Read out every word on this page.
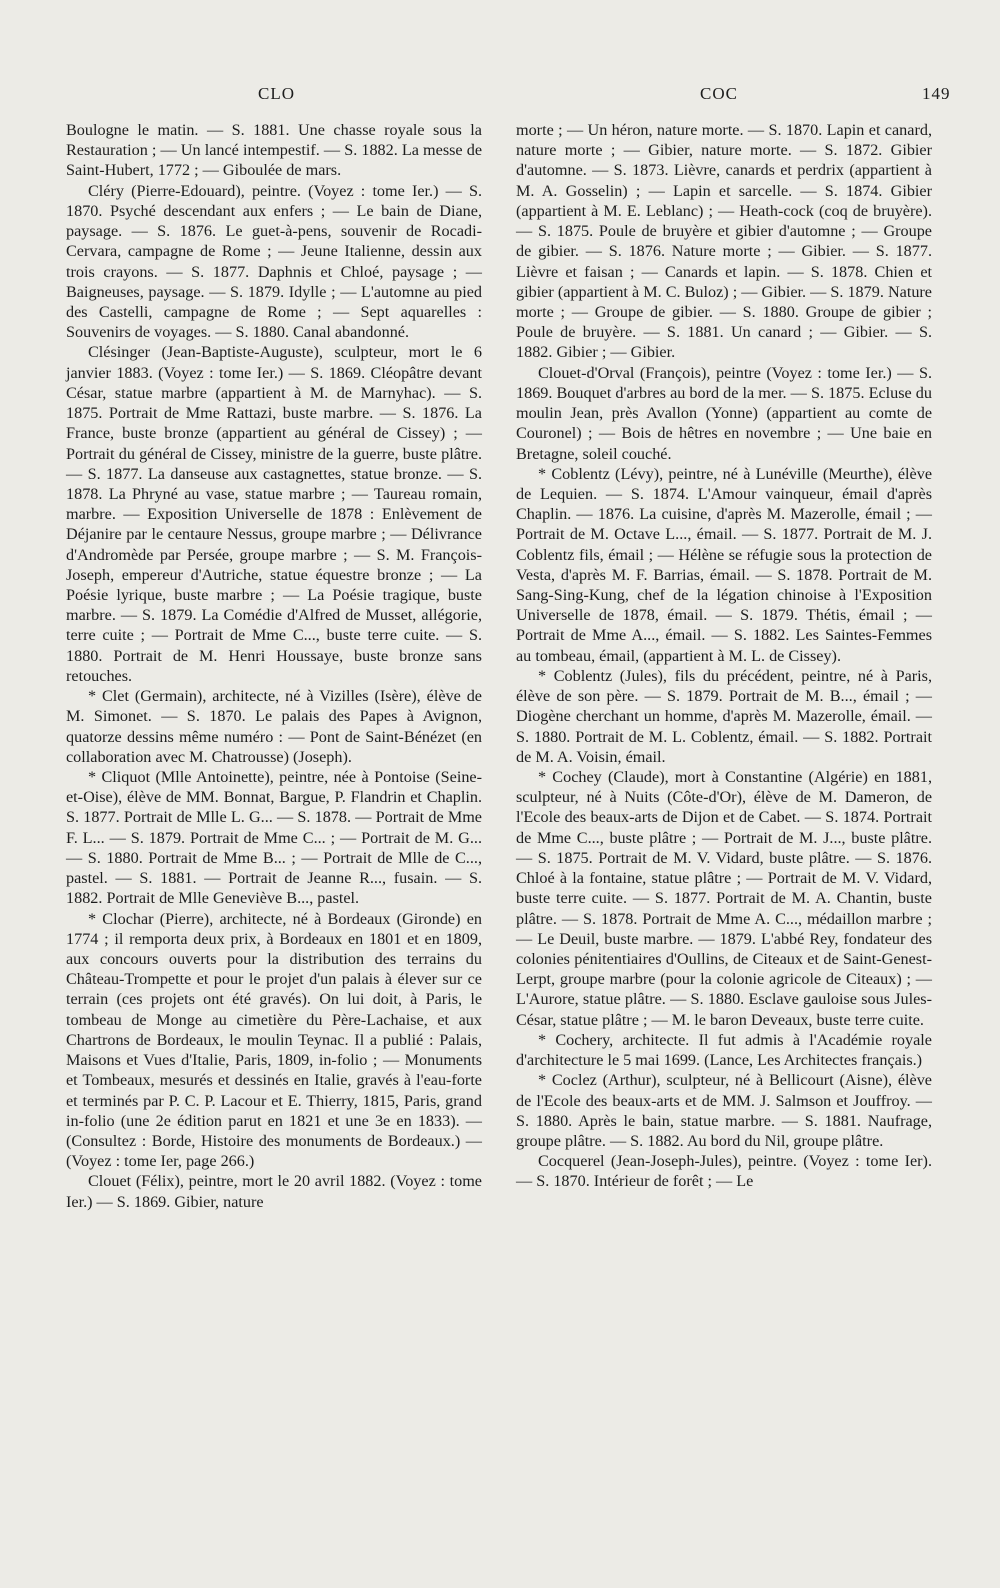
CLO	COC	149

Boulogne le matin. — S. 1881. Une chasse royale sous la Restauration ; — Un lancé intempestif. — S. 1882. La messe de Saint-Hubert, 1772 ; — Giboulée de mars.

Cléry (Pierre-Edouard), peintre. (Voyez : tome Ier.) — S. 1870. Psyché descendant aux enfers ; — Le bain de Diane, paysage. — S. 1876. Le guet-à-pens, souvenir de Rocadi-Cervara, campagne de Rome ; — Jeune Italienne, dessin aux trois crayons. — S. 1877. Daphnis et Chloé, paysage ; — Baigneuses, paysage. — S. 1879. Idylle ; — L'automne au pied des Castelli, campagne de Rome ; — Sept aquarelles : Souvenirs de voyages. — S. 1880. Canal abandonné.

Clésinger (Jean-Baptiste-Auguste), sculpteur, mort le 6 janvier 1883. (Voyez : tome Ier.) — S. 1869. Cléopâtre devant César, statue marbre (appartient à M. de Marnyhac). — S. 1875. Portrait de Mme Rattazi, buste marbre. — S. 1876. La France, buste bronze (appartient au général de Cissey) ; — Portrait du général de Cissey, ministre de la guerre, buste plâtre. — S. 1877. La danseuse aux castagnettes, statue bronze. — S. 1878. La Phryné au vase, statue marbre ; — Taureau romain, marbre. — Exposition Universelle de 1878 : Enlèvement de Déjanire par le centaure Nessus, groupe marbre ; — Délivrance d'Andromède par Persée, groupe marbre ; — S. M. François-Joseph, empereur d'Autriche, statue équestre bronze ; — La Poésie lyrique, buste marbre ; — La Poésie tragique, buste marbre. — S. 1879. La Comédie d'Alfred de Musset, allégorie, terre cuite ; — Portrait de Mme C..., buste terre cuite. — S. 1880. Portrait de M. Henri Houssaye, buste bronze sans retouches.

* Clet (Germain), architecte, né à Vizilles (Isère), élève de M. Simonet. — S. 1870. Le palais des Papes à Avignon, quatorze dessins même numéro : — Pont de Saint-Bénézet (en collaboration avec M. Chatrousse) (Joseph).

* Cliquot (Mlle Antoinette), peintre, née à Pontoise (Seine-et-Oise), élève de MM. Bonnat, Bargue, P. Flandrin et Chaplin. S. 1877. Portrait de Mlle L. G... — S. 1878. — Portrait de Mme F. L... — S. 1879. Portrait de Mme C... ; — Portrait de M. G... — S. 1880. Portrait de Mme B... ; — Portrait de Mlle de C..., pastel. — S. 1881. — Portrait de Jeanne R..., fusain. — S. 1882. Portrait de Mlle Geneviève B..., pastel.

* Clochar (Pierre), architecte, né à Bordeaux (Gironde) en 1774 ; il remporta deux prix, à Bordeaux en 1801 et en 1809, aux concours ouverts pour la distribution des terrains du Château-Trompette et pour le projet d'un palais à élever sur ce terrain (ces projets ont été gravés). On lui doit, à Paris, le tombeau de Monge au cimetière du Père-Lachaise, et aux Chartrons de Bordeaux, le moulin Teynac. Il a publié : Palais, Maisons et Vues d'Italie, Paris, 1809, in-folio ; — Monuments et Tombeaux, mesurés et dessinés en Italie, gravés à l'eau-forte et terminés par P. C. P. Lacour et E. Thierry, 1815, Paris, grand in-folio (une 2e édition parut en 1821 et une 3e en 1833). — (Consultez : Borde, Histoire des monuments de Bordeaux.) — (Voyez : tome Ier, page 266.)

Clouet (Félix), peintre, mort le 20 avril 1882. (Voyez : tome Ier.) — S. 1869. Gibier, nature

morte ; — Un héron, nature morte. — S. 1870. Lapin et canard, nature morte ; — Gibier, nature morte. — S. 1872. Gibier d'automne. — S. 1873. Lièvre, canards et perdrix (appartient à M. A. Gosselin) ; — Lapin et sarcelle. — S. 1874. Gibier (appartient à M. E. Leblanc) ; — Heath-cock (coq de bruyère). — S. 1875. Poule de bruyère et gibier d'automne ; — Groupe de gibier. — S. 1876. Nature morte ; — Gibier. — S. 1877. Lièvre et faisan ; — Canards et lapin. — S. 1878. Chien et gibier (appartient à M. C. Buloz) ; — Gibier. — S. 1879. Nature morte ; — Groupe de gibier. — S. 1880. Groupe de gibier ; Poule de bruyère. — S. 1881. Un canard ; — Gibier. — S. 1882. Gibier ; — Gibier.

Clouet-d'Orval (François), peintre (Voyez : tome Ier.) — S. 1869. Bouquet d'arbres au bord de la mer. — S. 1875. Ecluse du moulin Jean, près Avallon (Yonne) (appartient au comte de Couronel) ; — Bois de hêtres en novembre ; — Une baie en Bretagne, soleil couché.

* Coblentz (Lévy), peintre, né à Lunéville (Meurthe), élève de Lequien. — S. 1874. L'Amour vainqueur, émail d'après Chaplin. — 1876. La cuisine, d'après M. Mazerolle, émail ; — Portrait de M. Octave L..., émail. — S. 1877. Portrait de M. J. Coblentz fils, émail ; — Hélène se réfugie sous la protection de Vesta, d'après M. F. Barrias, émail. — S. 1878. Portrait de M. Sang-Sing-Kung, chef de la légation chinoise à l'Exposition Universelle de 1878, émail. — S. 1879. Thétis, émail ; — Portrait de Mme A..., émail. — S. 1882. Les Saintes-Femmes au tombeau, émail, (appartient à M. L. de Cissey).

* Coblentz (Jules), fils du précédent, peintre, né à Paris, élève de son père. — S. 1879. Portrait de M. B..., émail ; — Diogène cherchant un homme, d'après M. Mazerolle, émail. — S. 1880. Portrait de M. L. Coblentz, émail. — S. 1882. Portrait de M. A. Voisin, émail.

* Cochey (Claude), mort à Constantine (Algérie) en 1881, sculpteur, né à Nuits (Côte-d'Or), élève de M. Dameron, de l'Ecole des beaux-arts de Dijon et de Cabet. — S. 1874. Portrait de Mme C..., buste plâtre ; — Portrait de M. J..., buste plâtre. — S. 1875. Portrait de M. V. Vidard, buste plâtre. — S. 1876. Chloé à la fontaine, statue plâtre ; — Portrait de M. V. Vidard, buste terre cuite. — S. 1877. Portrait de M. A. Chantin, buste plâtre. — S. 1878. Portrait de Mme A. C..., médaillon marbre ; — Le Deuil, buste marbre. — 1879. L'abbé Rey, fondateur des colonies pénitentiaires d'Oullins, de Citeaux et de Saint-Genest-Lerpt, groupe marbre (pour la colonie agricole de Citeaux) ; — L'Aurore, statue plâtre. — S. 1880. Esclave gauloise sous Jules-César, statue plâtre ; — M. le baron Deveaux, buste terre cuite.

* Cochery, architecte. Il fut admis à l'Académie royale d'architecture le 5 mai 1699. (Lance, Les Architectes français.)

* Coclez (Arthur), sculpteur, né à Bellicourt (Aisne), élève de l'Ecole des beaux-arts et de MM. J. Salmson et Jouffroy. — S. 1880. Après le bain, statue marbre. — S. 1881. Naufrage, groupe plâtre. — S. 1882. Au bord du Nil, groupe plâtre.

Cocquerel (Jean-Joseph-Jules), peintre. (Voyez : tome Ier). — S. 1870. Intérieur de forêt ; — Le
